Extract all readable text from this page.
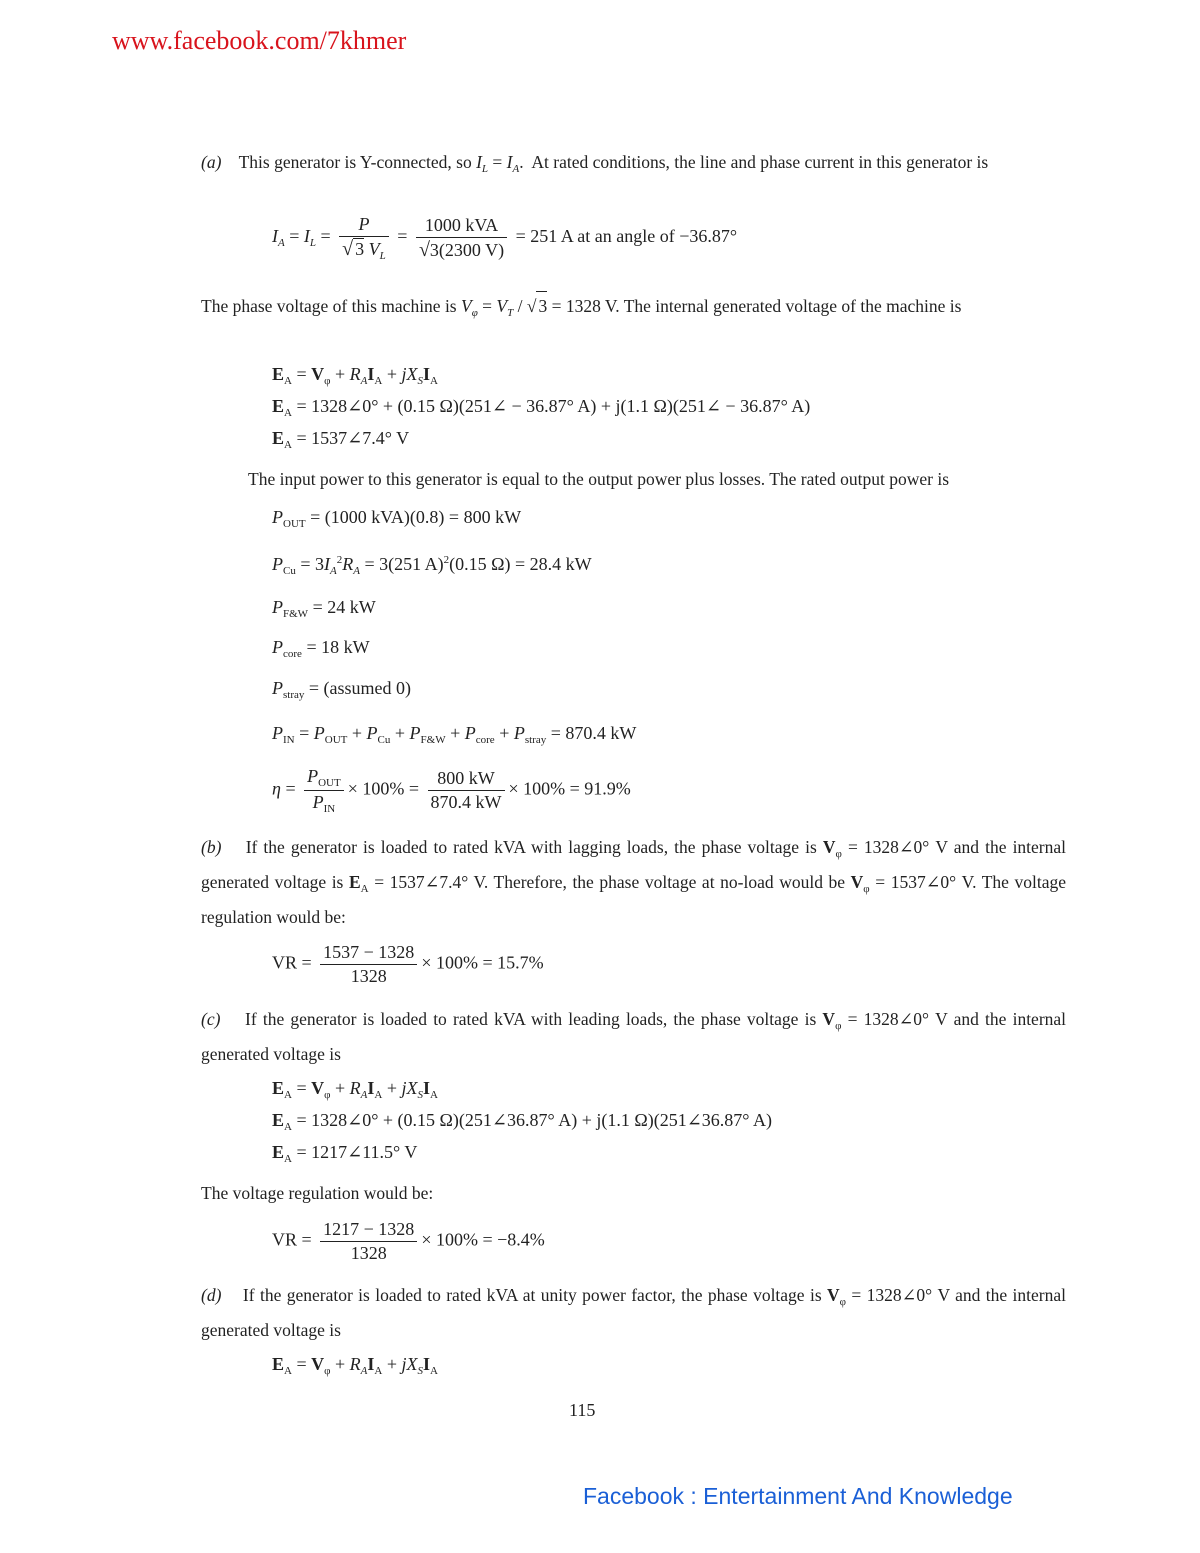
www.facebook.com/7khmer
(a) This generator is Y-connected, so $I_L = I_A$.  At rated conditions, the line and phase current in this generator is
$I_A = I_L = \frac{P}{√ 3 V_L} = \frac{\text{1000 kVA}}{√3(2300 V)} = 251$ A at an angle of −36.87°
The phase voltage of this machine is $V_\varphi = V_T$ / √ 3 = 1328 V. The internal generated voltage of the machine is
$E_A = V_\varphi + R_AI_A + jX_SI_A$
$E_A$ = 1328∠0° + (0.15 Ω)(251∠ − 36.87° A) + j(1.1 Ω)(251∠ − 36.87° A)
$E_A$ = 1537∠7.4° V
The input power to this generator is equal to the output power plus losses. The rated output power is
$P_{OUT} = (1000$ kVA)(0.8) = 800 kW
$P_{Cu} = 3I_A^2R_A = 3(251$ A)$^2$(0.15 Ω) = 28.4 kW
$P_{F\&W} = 24$ kW
$P_{core} = 18$ kW
$P_{stray}$ = (assumed 0)
$P_{IN} = P_{OUT} + P_{Cu} + P_{F\&W} + P_{core} + P_{stray} = 870.4$ kW
$\eta = \frac{P_{OUT}}{P_{IN}} \times 100\% = \frac{800 kW}{870.4 kW} \times 100\% = 91.9\%$
(b) If the generator is loaded to rated kVA with lagging loads, the phase voltage is $V_\varphi$ = 1328∠0° V and the internal generated voltage is $E_A$ = 1537∠7.4° V. Therefore, the phase voltage at no-load would be $V_\varphi$ = 1537∠0° V. The voltage regulation would be:
VR = $\frac{1537 - 1328}{1328} \times 100\% = 15.7\%$
(c) If the generator is loaded to rated kVA with leading loads, the phase voltage is $V_\varphi$ = 1328∠0° V and the internal generated voltage is
$E_A = V_\varphi + R_AI_A + jX_SI_A$
$E_A$ = 1328∠0° + (0.15 Ω)(251∠36.87° A) + j(1.1 Ω)(251∠36.87° A)
$E_A$ = 1217∠11.5° V
The voltage regulation would be:
VR = $\frac{1217 - 1328}{1328} \times 100\% = -8.4\%$
(d) If the generator is loaded to rated kVA at unity power factor, the phase voltage is $V_\varphi$ = 1328∠0° V and the internal generated voltage is
$E_A = V_\varphi + R_AI_A + jX_SI_A$
115
Facebook : Entertainment And Knowledge
